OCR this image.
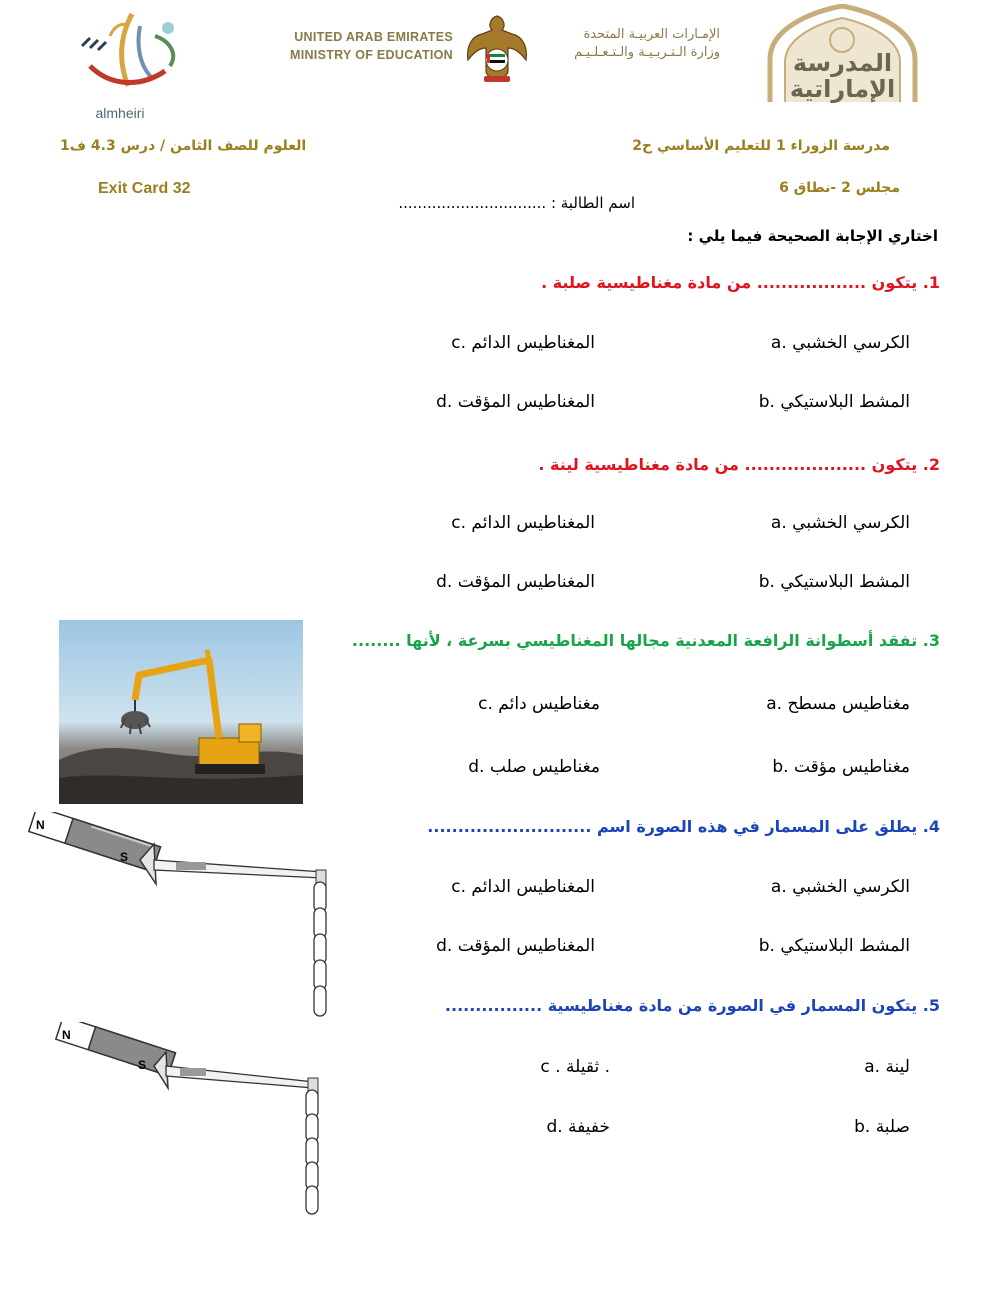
almheiri
UNITED ARAB EMIRATES
MINISTRY OF EDUCATION
الإمـارات العربيـة المتحدة
وزارة الـتـربـيـة والـتـعـلـيـم	المدرسة
الإماراتية
العلوم للصف الثامن / درس 4.3 ف1	مدرسة الزوراء 1 للتعليم الأساسي ح2
Exit Card 32	مجلس 2 -نطاق 6
اسم الطالبة : ...............................
اختاري الإجابة الصحيحة فيما يلي :
1. يتكون .................. من مادة مغناطيسية صلبة .
a. الكرسي الخشبي
c. المغناطيس الدائم
b. المشط البلاستيكي
d. المغناطيس المؤقت
2. يتكون .................... من مادة مغناطيسية لينة .
a. الكرسي الخشبي
c. المغناطيس الدائم
b. المشط البلاستيكي
d. المغناطيس المؤقت
3. تفقد أسطوانة الرافعة المعدنية مجالها المغناطيسي بسرعة ، لأنها ........
a. مغناطيس مسطح
c. مغناطيس دائم
b. مغناطيس مؤقت
d. مغناطيس صلب
N
S
4. يطلق على المسمار في هذه الصورة اسم ...........................
a. الكرسي الخشبي
c. المغناطيس الدائم
b. المشط البلاستيكي
d. المغناطيس المؤقت
N
S
5. يتكون المسمار في الصورة من مادة مغناطيسية ................
a. لينة
c . ثقيلة .
b. صلبة
d. خفيفة
